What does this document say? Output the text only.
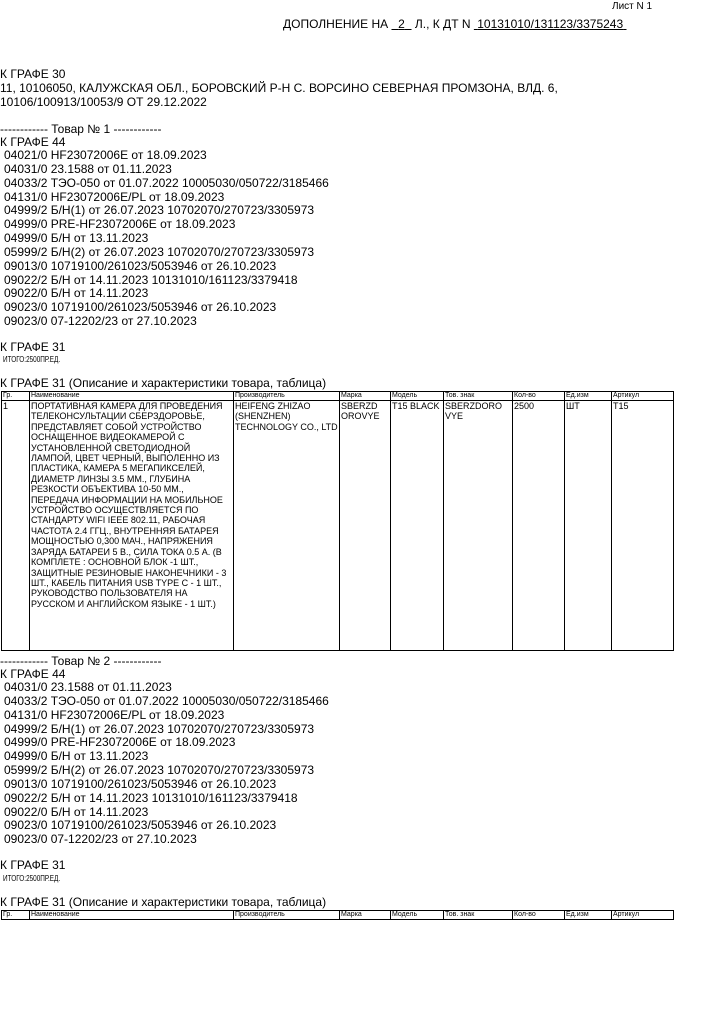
Лист N 1
ДОПОЛНЕНИЕ НА 2 Л., К ДТ N 10131010/131123/3375243
К ГРАФЕ 30
11, 10106050, КАЛУЖСКАЯ ОБЛ., БОРОВСКИЙ Р-Н С. ВОРСИНО СЕВЕРНАЯ ПРОМЗОНА, ВЛД. 6,
10106/100913/10053/9 ОТ 29.12.2022
------------ Товар № 1 ------------
К ГРАФЕ 44
04021/0 HF23072006E от 18.09.2023
04031/0 23.1588 от 01.11.2023
04033/2 ТЭО-050 от 01.07.2022 10005030/050722/3185466
04131/0 HF23072006E/PL от 18.09.2023
04999/2 Б/Н(1) от 26.07.2023 10702070/270723/3305973
04999/0 PRE-HF23072006E от 18.09.2023
04999/0 Б/Н от 13.11.2023
05999/2 Б/Н(2) от 26.07.2023 10702070/270723/3305973
09013/0 10719100/261023/5053946 от 26.10.2023
09022/2 Б/Н от 14.11.2023 10131010/161123/3379418
09022/0 Б/Н от 14.11.2023
09023/0 10719100/261023/5053946 от 26.10.2023
09023/0 07-12202/23 от 27.10.2023
К ГРАФЕ 31
ИТОГО:2500ПР.ЕД.
К ГРАФЕ 31 (Описание и характеристики товара, таблица)
Гр.	Наименование	Производитель	Марка	Модель	Тов. знак	Кол-во	Ед.изм	Артикул
1	ПОРТАТИВНАЯ КАМЕРА ДЛЯ ПРОВЕДЕНИЯ ТЕЛЕКОНСУЛЬТАЦИИ СБЕРЗДОРОВЬЕ, ПРЕДСТАВЛЯЕТ СОБОЙ УСТРОЙСТВО ОСНАЩЕННОЕ ВИДЕОКАМЕРОЙ С УСТАНОВЛЕННОЙ СВЕТОДИОДНОЙ ЛАМПОЙ, ЦВЕТ ЧЕРНЫЙ, ВЫПОЛЕННО ИЗ ПЛАСТИКА, КАМЕРА 5 МЕГАПИКСЕЛЕЙ, ДИАМЕТР ЛИНЗЫ 3.5 ММ., ГЛУБИНА РЕЗКОСТИ ОБЪЕКТИВА 10-50 ММ., ПЕРЕДАЧА ИНФОРМАЦИИ НА МОБИЛЬНОЕ УСТРОЙСТВО ОСУЩЕСТВЛЯЕТСЯ ПО СТАНДАРТУ WIFI IEEE 802.11, РАБОЧАЯ ЧАСТОТА 2.4 ГГЦ., ВНУТРЕННЯЯ БАТАРЕЯ МОЩНОСТЬЮ 0,300 МАЧ., НАПРЯЖЕНИЯ ЗАРЯДА БАТАРЕИ 5 В., СИЛА ТОКА 0.5 А. (В КОМПЛЕТЕ : ОСНОВНОЙ БЛОК -1 ШТ., ЗАЩИТНЫЕ РЕЗИНОВЫЕ НАКОНЕЧНИКИ - 3 ШТ., КАБЕЛЬ ПИТАНИЯ USB TYPE C - 1 ШТ., РУКОВОДСТВО ПОЛЬЗОВАТЕЛЯ НА РУССКОМ И АНГЛИЙСКОМ ЯЗЫКЕ - 1 ШТ.)	HEIFENG ZHIZAO (SHENZHEN) TECHNOLOGY CO., LTD	SBERZD OROVYE	T15 BLACK	SBERZDORO VYE	2500	ШТ	T15
------------ Товар № 2 ------------
К ГРАФЕ 44
04031/0 23.1588 от 01.11.2023
04033/2 ТЭО-050 от 01.07.2022 10005030/050722/3185466
04131/0 HF23072006E/PL от 18.09.2023
04999/2 Б/Н(1) от 26.07.2023 10702070/270723/3305973
04999/0 PRE-HF23072006E от 18.09.2023
04999/0 Б/Н от 13.11.2023
05999/2 Б/Н(2) от 26.07.2023 10702070/270723/3305973
09013/0 10719100/261023/5053946 от 26.10.2023
09022/2 Б/Н от 14.11.2023 10131010/161123/3379418
09022/0 Б/Н от 14.11.2023
09023/0 10719100/261023/5053946 от 26.10.2023
09023/0 07-12202/23 от 27.10.2023
К ГРАФЕ 31
ИТОГО:2500ПР.ЕД.
К ГРАФЕ 31 (Описание и характеристики товара, таблица)
Гр.	Наименование	Производитель	Марка	Модель	Тов. знак	Кол-во	Ед.изм	Артикул
